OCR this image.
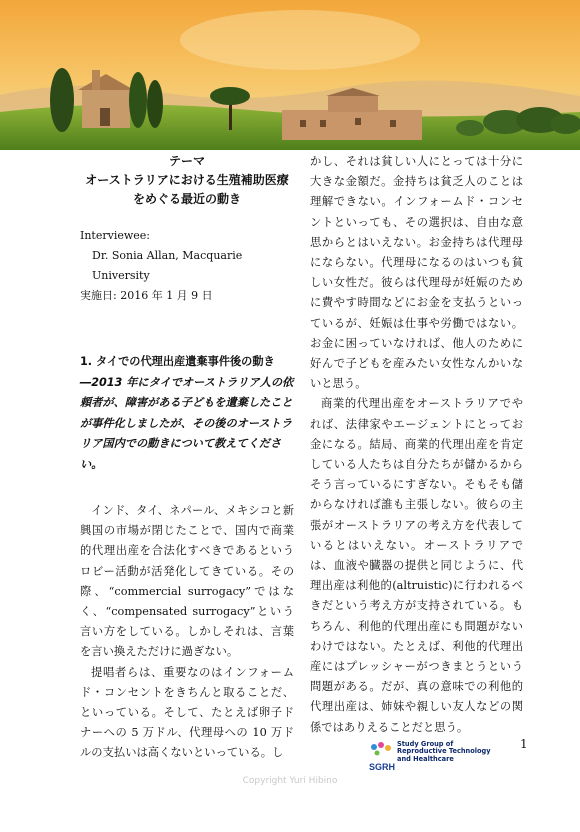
テーマ
オーストラリアにおける生殖補助医療
をめぐる最近の動き
Interviewee:
Dr. Sonia Allan, Macquarie University
実施日: 2016 年 1 月 9 日
1. タイでの代理出産遺棄事件後の動き
―2013 年にタイでオーストラリア人の依頼者が、障害がある子どもを遺棄したことが事件化しましたが、その後のオーストラリア国内での動きについて教えてください。
インド、タイ、ネパール、メキシコと新興国の市場が閉じたことで、国内で商業的代理出産を合法化すべきであるというロビー活動が活発化してきている。その際、“commercial surrogacy”ではなく、“compensated surrogacy”という言い方をしている。しかしそれは、言葉を言い換えただけに過ぎない。
提唱者らは、重要なのはインフォームド・コンセントをきちんと取ることだ、といっている。そして、たとえば卵子ドナーへの 5 万ドル、代理母への 10 万ドルの支払いは高くないといっている。し
かし、それは貧しい人にとっては十分に大きな金額だ。金持ちは貧乏人のことは理解できない。インフォームド・コンセントといっても、その選択は、自由な意思からとはいえない。お金持ちは代理母にならない。代理母になるのはいつも貧しい女性だ。彼らは代理母が妊娠のために費やす時間などにお金を支払うといっているが、妊娠は仕事や労働ではない。お金に困っていなければ、他人のために好んで子どもを産みたい女性なんかいないと思う。
商業的代理出産をオーストラリアでやれば、法律家やエージェントにとってお金になる。結局、商業的代理出産を肯定している人たちは自分たちが儲かるからそう言っているにすぎない。そもそも儲からなければ誰も主張しない。彼らの主張がオーストラリアの考え方を代表しているとはいえない。オーストラリアでは、血液や臓器の提供と同じように、代理出産は利他的(altruistic)に行われるべきだという考え方が支持されている。もちろん、利他的代理出産にも問題がないわけではない。たとえば、利他的代理出産にはプレッシャーがつきまとうという問題がある。だが、真の意味での利他的代理出産は、姉妹や親しい友人などの関係ではありえることだと思う。
SGRH
Study Group of
Reproductive Technology
and Healthcare
1
Copyright Yuri Hibino
